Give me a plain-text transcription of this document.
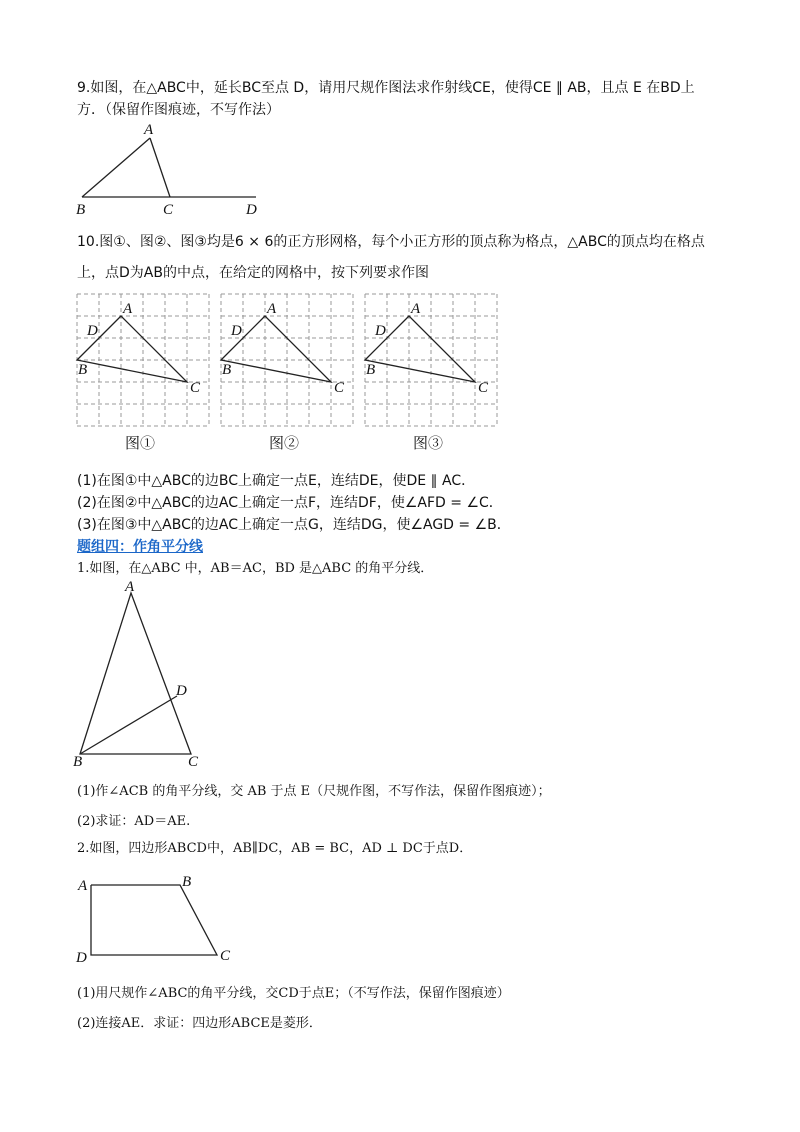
9.如图，在△ABC中，延长BC至点 D，请用尺规作图法求作射线CE，使得CE ∥ AB，且点 E 在BD上
方．（保留作图痕迹，不写作法）
A
B	C	D
10.图①、图②、图③均是6 × 6的正方形网格，每个小正方形的顶点称为格点，△ABC的顶点均在格点
上，点D为AB的中点，在给定的网格中，按下列要求作图
A
B
C
D
A
B
C
D
A
B
C
D
图①	图②	图③
(1)在图①中△ABC的边BC上确定一点E，连结DE，使DE ∥ AC．
(2)在图②中△ABC的边AC上确定一点F，连结DF，使∠AFD = ∠C．
(3)在图③中△ABC的边AC上确定一点G，连结DG，使∠AGD = ∠B．
题组四：作角平分线
1.如图，在△ABC 中，AB＝AC，BD 是△ABC 的角平分线．
A
B	C
D
(1)作∠ACB 的角平分线，交 AB 于点 E（尺规作图，不写作法，保留作图痕迹）；
(2)求证：AD＝AE.
2.如图，四边形ABCD中，AB∥DC，AB = BC，AD ⊥ DC于点D．
A	B
C
D
(1)用尺规作∠ABC的角平分线，交CD于点E；（不写作法，保留作图痕迹）
(2)连接AE．求证：四边形ABCE是菱形．
